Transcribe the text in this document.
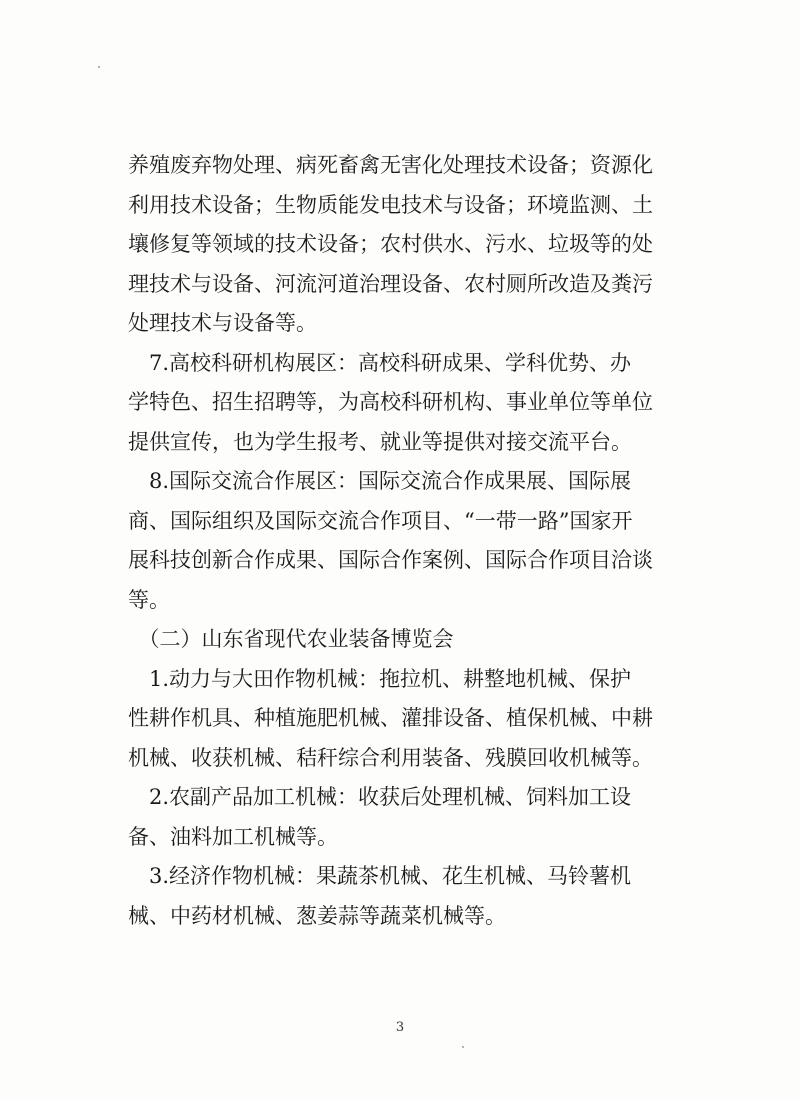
养殖废弃物处理、病死畜禽无害化处理技术设备；资源化
利用技术设备；生物质能发电技术与设备；环境监测、土
壤修复等领域的技术设备；农村供水、污水、垃圾等的处
理技术与设备、河流河道治理设备、农村厕所改造及粪污
处理技术与设备等。
　7.高校科研机构展区：高校科研成果、学科优势、办
学特色、招生招聘等，为高校科研机构、事业单位等单位
提供宣传，也为学生报考、就业等提供对接交流平台。
　8.国际交流合作展区：国际交流合作成果展、国际展
商、国际组织及国际交流合作项目、“一带一路”国家开
展科技创新合作成果、国际合作案例、国际合作项目洽谈
等。
　（二）山东省现代农业装备博览会
　1.动力与大田作物机械：拖拉机、耕整地机械、保护
性耕作机具、种植施肥机械、灌排设备、植保机械、中耕
机械、收获机械、秸秆综合利用装备、残膜回收机械等。
　2.农副产品加工机械：收获后处理机械、饲料加工设
备、油料加工机械等。
　3.经济作物机械：果蔬茶机械、花生机械、马铃薯机
械、中药材机械、葱姜蒜等蔬菜机械等。
3
